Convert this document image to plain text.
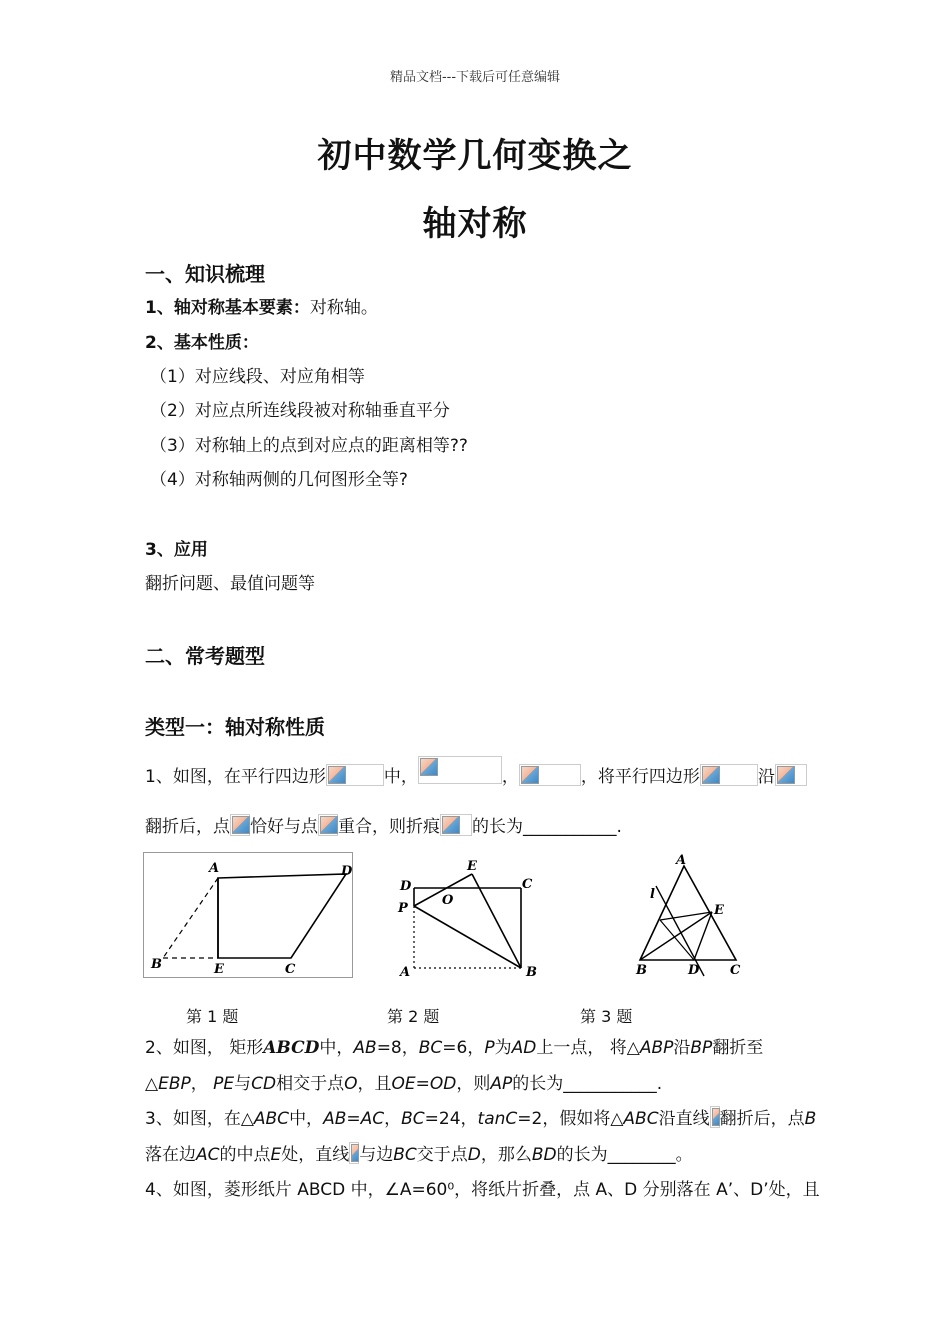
精品文档---下载后可任意编辑
初中数学几何变换之
轴对称
一、知识梳理
1、轴对称基本要素：对称轴。
2、基本性质：
（1）对应线段、对应角相等
（2）对应点所连线段被对称轴垂直平分
（3）对称轴上的点到对应点的距离相等??
（4）对称轴两侧的几何图形全等?
3、应用
翻折问题、最值问题等
二、常考题型
类型一：轴对称性质
1、如图，在平行四边形	中，	，	，将平行四边形	沿
翻折后，点 恰好与点 重合，则折痕 的长为___________.
A	D
B	E	C
E
D	C
O
P
A	B
A
l
E
B	D C
第 1 题	第 2 题	第 3 题
2、如图， 矩形ABCD中，AB=8，BC=6，P为AD上一点， 将△ABP沿BP翻折至
△EBP， PE与CD相交于点O，且OE=OD，则AP的长为___________.
3、如图，在△ABC中，AB=AC，BC=24，tanC=2，假如将△ABC沿直线 翻折后，点B
落在边AC的中点E处，直线 与边BC交于点D，那么BD的长为________。
4、如图，菱形纸片 ABCD 中，∠A=60⁰，将纸片折叠，点 A、D 分别落在 A’、D’处，且
